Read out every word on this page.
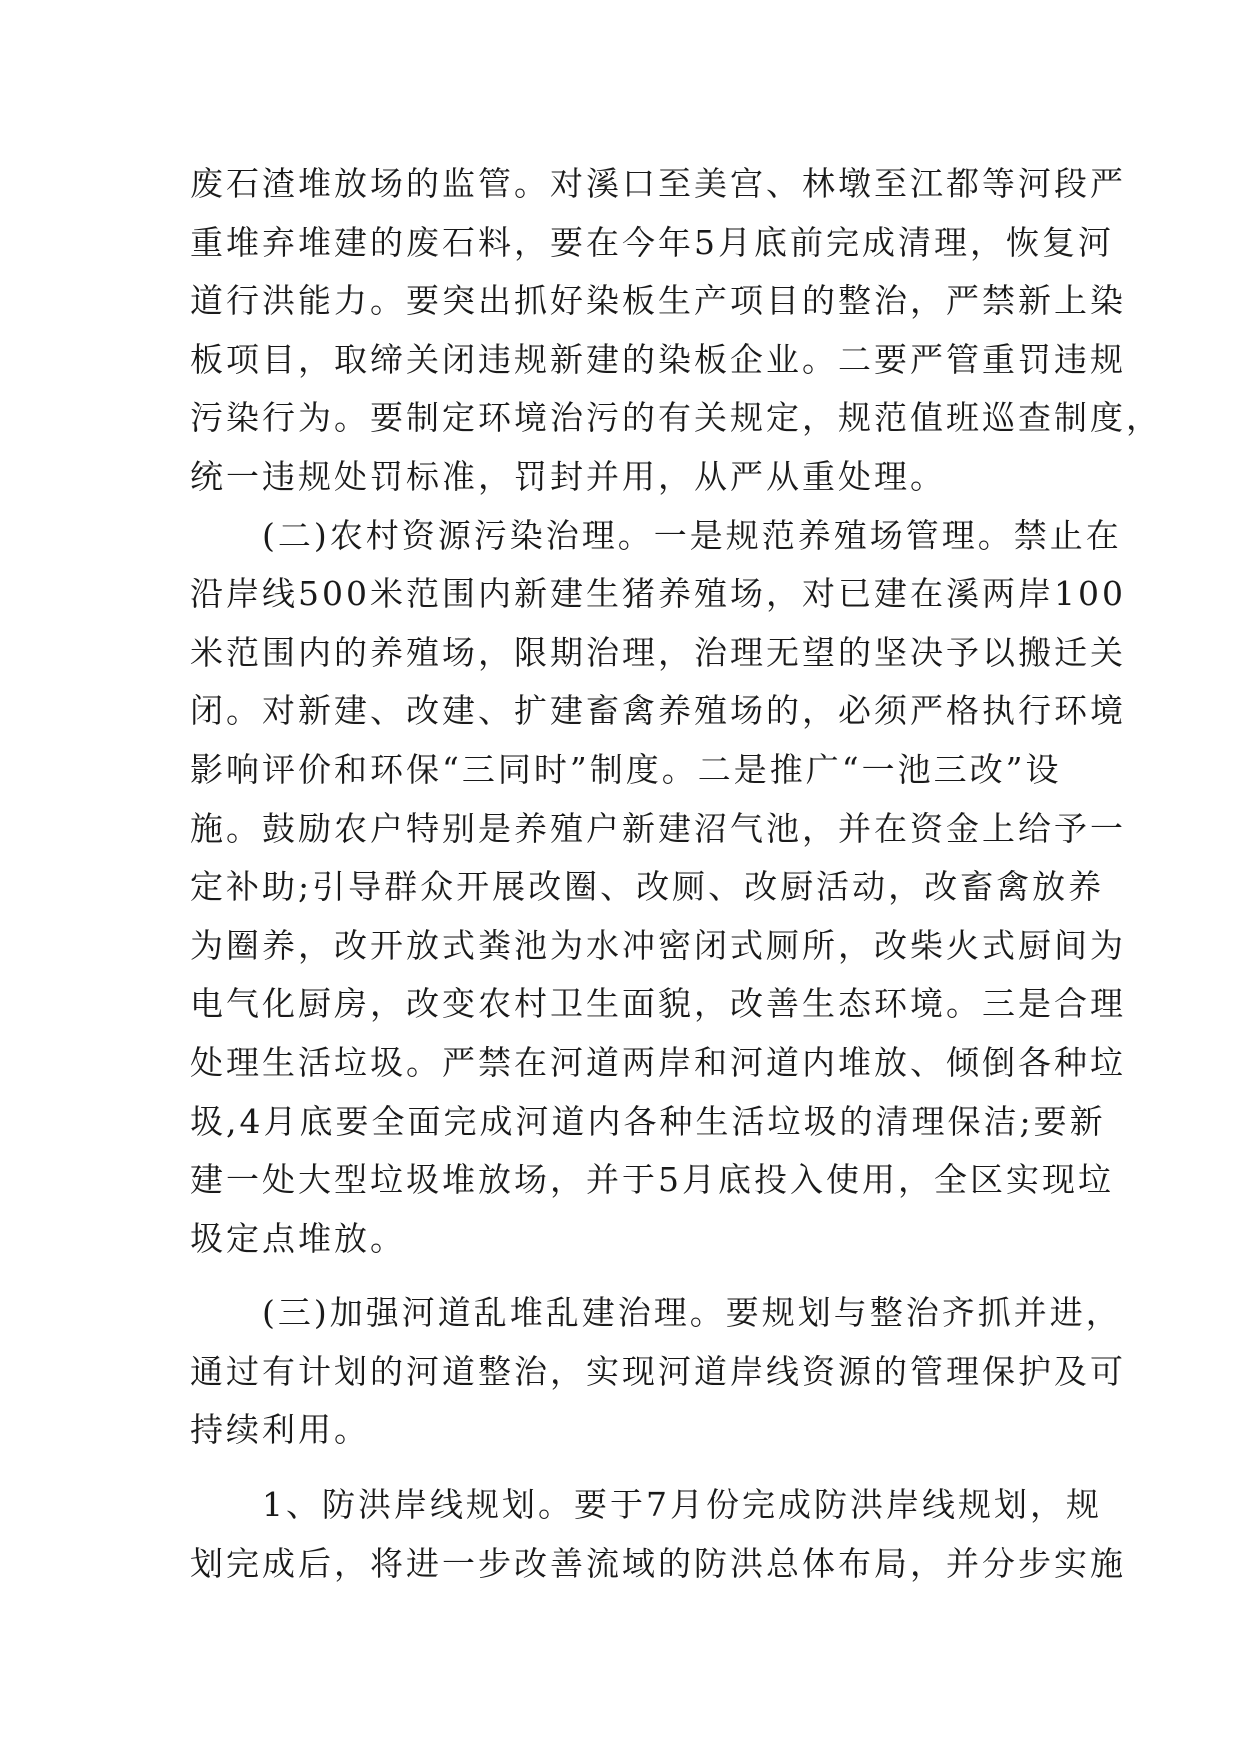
废石渣堆放场的监管。对溪口至美宫、林墩至江都等河段严
重堆弃堆建的废石料，要在今年5月底前完成清理，恢复河
道行洪能力。要突出抓好染板生产项目的整治，严禁新上染
板项目，取缔关闭违规新建的染板企业。二要严管重罚违规
污染行为。要制定环境治污的有关规定，规范值班巡查制度，
统一违规处罚标准，罚封并用，从严从重处理。
　　(二)农村资源污染治理。一是规范养殖场管理。禁止在
沿岸线500米范围内新建生猪养殖场，对已建在溪两岸100
米范围内的养殖场，限期治理，治理无望的坚决予以搬迁关
闭。对新建、改建、扩建畜禽养殖场的，必须严格执行环境
影响评价和环保“三同时”制度。二是推广“一池三改”设
施。鼓励农户特别是养殖户新建沼气池，并在资金上给予一
定补助;引导群众开展改圈、改厕、改厨活动，改畜禽放养
为圈养，改开放式粪池为水冲密闭式厕所，改柴火式厨间为
电气化厨房，改变农村卫生面貌，改善生态环境。三是合理
处理生活垃圾。严禁在河道两岸和河道内堆放、倾倒各种垃
圾,4月底要全面完成河道内各种生活垃圾的清理保洁;要新
建一处大型垃圾堆放场，并于5月底投入使用，全区实现垃
圾定点堆放。
　　(三)加强河道乱堆乱建治理。要规划与整治齐抓并进，
通过有计划的河道整治，实现河道岸线资源的管理保护及可
持续利用。
　　1、防洪岸线规划。要于7月份完成防洪岸线规划，规
划完成后，将进一步改善流域的防洪总体布局，并分步实施
